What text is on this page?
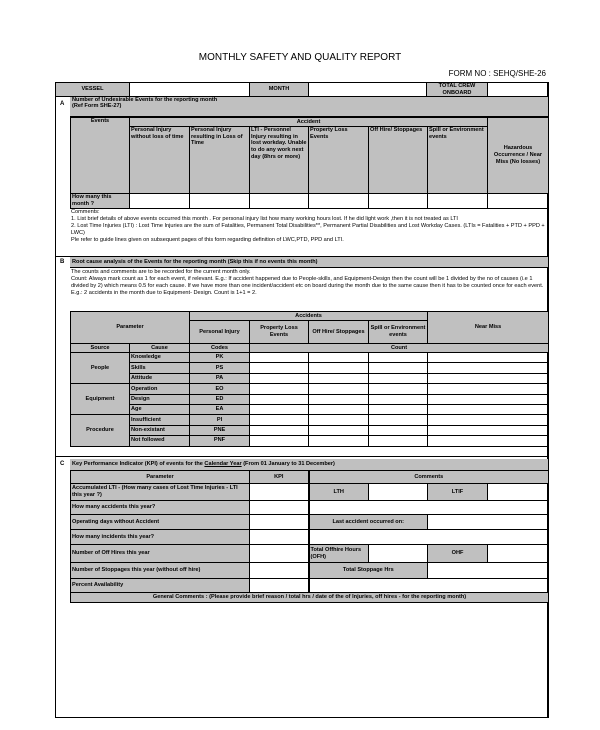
MONTHLY SAFETY AND QUALITY REPORT
FORM NO : SEHQ/SHE-26
VESSEL		MONTH		TOTAL CREW ONBOARD	
A
Number of Undesirable Events for the reporting month
(Ref Form SHE-27)
Events	Accident						Hazardous Occurrence / Near Miss (No losses)
	Personal Injury without loss of time	Personal Injury resulting in Loss of Time	LTI - Personnel Injury resulting in lost workday. Unable to do any work next day (8hrs or more)	Property Loss Events	Off Hire/ Stoppages	Spill or Environment events	
How many this month ?							
Comments:
1. List brief details of above events occurred this month . For personal injury list how many working hours lost. If he did light work ,then it is not treated as LTI
2. Lost Time Injuries (LTI) : Lost Time Injuries are the sum of Fatalities, Permanent Total Disabilities**, Permanent Partial Disabilities and Lost Workday Cases. (LTIs = Fatalities + PTD + PPD + LWC)
Ple refer to guide lines given on subsequent pages of this form regarding definition of LWC,PTD, PPD and LTI.
B	Root cause analysis of the Events for the reporting month (Skip this if no events this month)
The counts and comments are to be recorded for the current month only.
Count: Always mark count as 1 for each event, if relevant. E.g.: If accident happened due to People-skills, and Equipment-Design then the count will be 1 divided by the no of causes (i.e 1 divided by 2) which means 0.5 for each cause. If we have more than one incident/accident etc on board during the month due to the same cause then it has to be counted once for each event. E.g.: 2 accidents in the month due to Equipment- Design. Count is 1+1 = 2.
Parameter		Accidents				Near Miss
		Personal Injury	Property Loss Events	Off Hire/ Stoppages	Spill or Environment events	
Source	Cause	Codes	Count			
People	Knowledge	PK				
	Skills	PS				
	Attitude	PA				
Equipment	Operation	EO				
	Design	ED				
	Age	EA				
Procedure	Insufficient	PI				
	Non-existant	PNE				
	Not followed	PNF				
C	Key Performance Indicator (KPI) of events for the Calendar Year (From 01 January to 31 December)
Parameter	KPI	Comments			
Accumulated LTI - (How many cases of Lost Time Injuries - LTI this year ?)		LTH		LTIF	
How many accidents this year?					
Operating days without Accident		Last accident occurred on:			
How many incidents this year?					
Number of Off Hires this year		Total Offhire Hours (OFH)		OHF	
Number of Stoppages this year (without off hire)		Total Stoppage Hrs			
Percent Availability					
General Comments : (Please provide brief reason / total hrs / date of the of Injuries, off hires - for the reporting month)					
